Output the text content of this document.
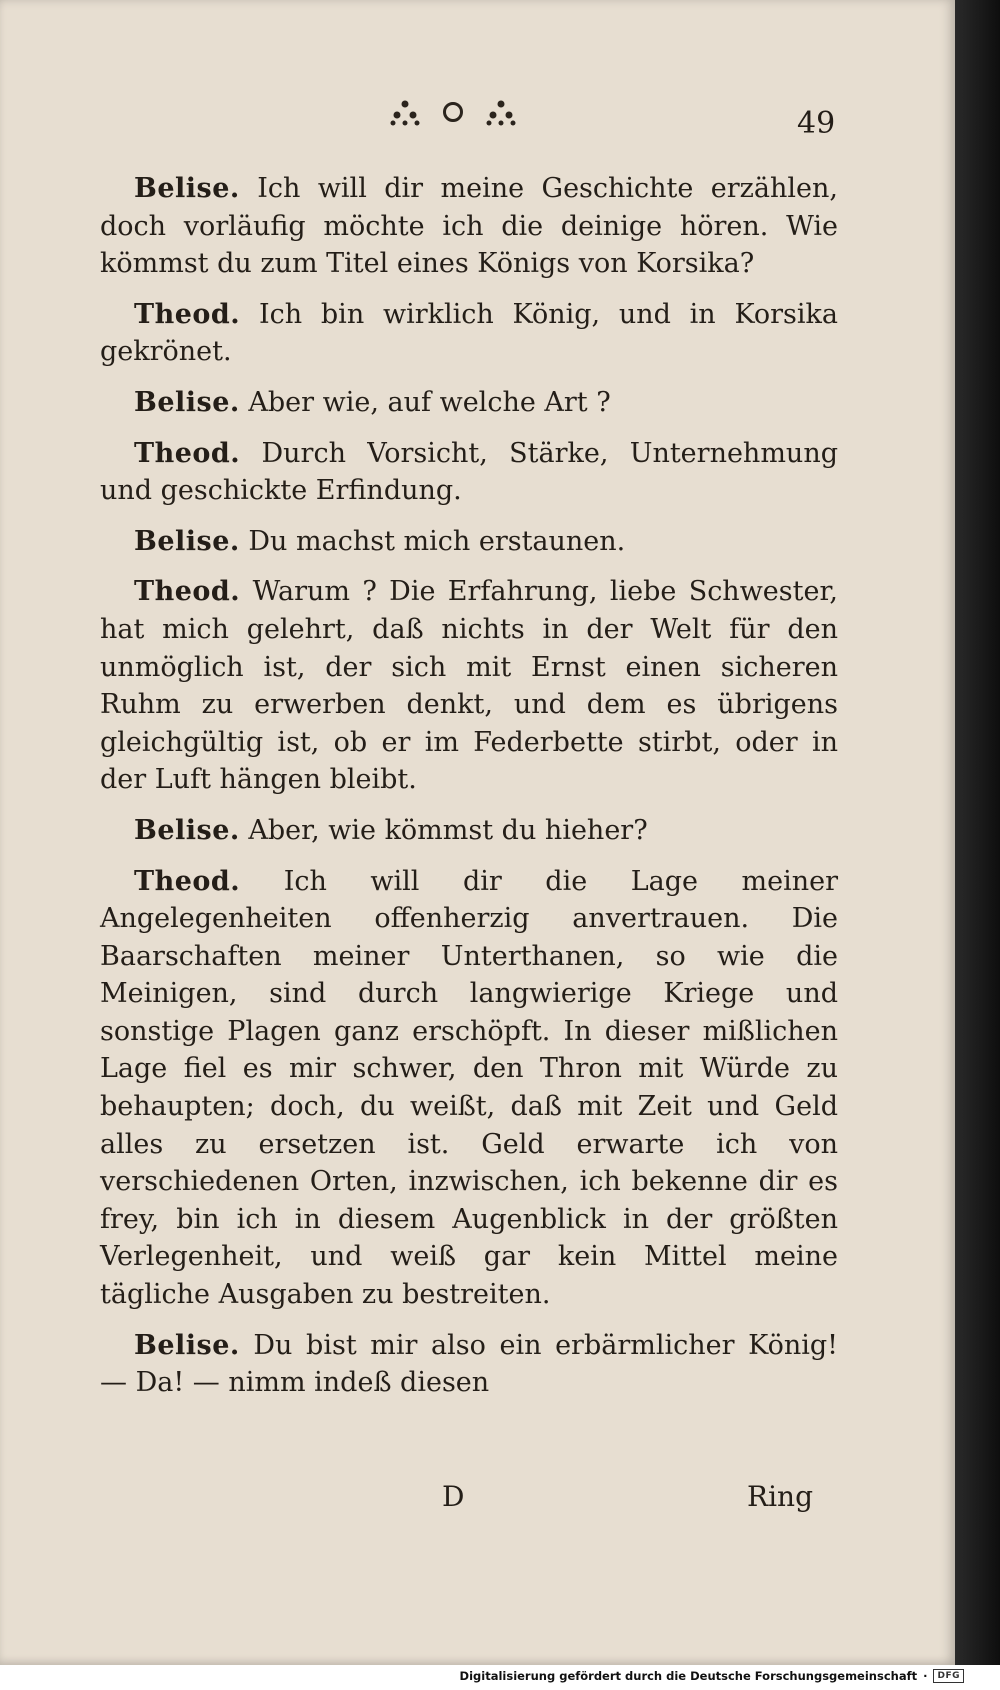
49

Belise. Ich will dir meine Geschichte erzählen, doch vorläufig möchte ich die deinige hören. Wie kömmst du zum Titel eines Königs von Korsika?

Theod. Ich bin wirklich König, und in Korsika gekrönet.

Belise. Aber wie, auf welche Art ?

Theod. Durch Vorsicht, Stärke, Unternehmung und geschickte Erfindung.

Belise. Du machst mich erstaunen.

Theod. Warum ? Die Erfahrung, liebe Schwester, hat mich gelehrt, daß nichts in der Welt für den unmöglich ist, der sich mit Ernst einen sicheren Ruhm zu erwerben denkt, und dem es übrigens gleichgültig ist, ob er im Federbette stirbt, oder in der Luft hängen bleibt.

Belise. Aber, wie kömmst du hieher?

Theod. Ich will dir die Lage meiner Angelegenheiten offenherzig anvertrauen. Die Baarschaften meiner Unterthanen, so wie die Meinigen, sind durch langwierige Kriege und sonstige Plagen ganz erschöpft. In dieser mißlichen Lage fiel es mir schwer, den Thron mit Würde zu behaupten; doch, du weißt, daß mit Zeit und Geld alles zu ersetzen ist. Geld erwarte ich von verschiedenen Orten, inzwischen, ich bekenne dir es frey, bin ich in diesem Augenblick in der größten Verlegenheit, und weiß gar kein Mittel meine tägliche Ausgaben zu bestreiten.

Belise. Du bist mir also ein erbärmlicher König! — Da! — nimm indeß diesen

D	Ring
Digitalisierung gefördert durch die Deutsche Forschungsgemeinschaft ·	DFG
